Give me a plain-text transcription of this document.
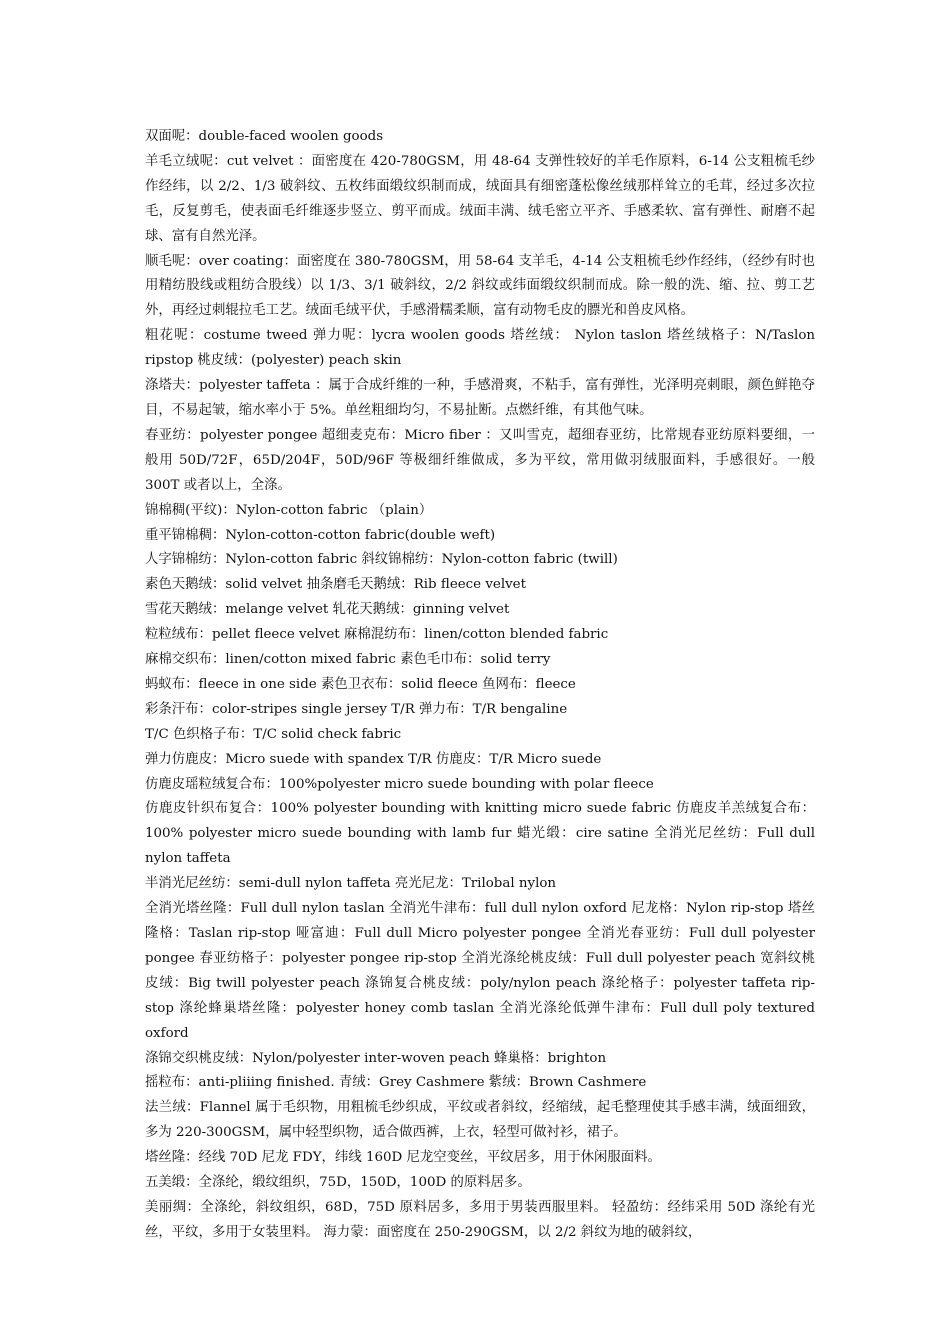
双面呢：double-faced woolen goods

羊毛立绒呢：cut velvet ：面密度在 420-780GSM，用 48-64 支弹性较好的羊毛作原料，6-14 公支粗梳毛纱作经纬，以 2/2、1/3 破斜纹、五枚纬面缎纹织制而成，绒面具有细密蓬松像丝绒那样耸立的毛茸，经过多次拉毛，反复剪毛，使表面毛纤维逐步竖立、剪平而成。绒面丰满、绒毛密立平齐、手感柔软、富有弹性、耐磨不起球、富有自然光泽。

顺毛呢：over coating：面密度在 380-780GSM，用 58-64 支羊毛，4-14 公支粗梳毛纱作经纬，（经纱有时也用精纺股线或粗纺合股线）以 1/3、3/1 破斜纹，2/2 斜纹或纬面缎纹织制而成。除一般的洗、缩、拉、剪工艺外，再经过刺辊拉毛工艺。绒面毛绒平伏，手感滑糯柔顺，富有动物毛皮的膘光和兽皮风格。

粗花呢：costume tweed 弹力呢：lycra woolen goods 塔丝绒： Nylon taslon 塔丝绒格子：N/Taslon ripstop 桃皮绒：(polyester) peach skin

涤塔夫：polyester taffeta ：属于合成纤维的一种，手感滑爽，不粘手，富有弹性，光泽明亮刺眼，颜色鲜艳夺目，不易起皱，缩水率小于 5%。单丝粗细均匀，不易扯断。点燃纤维，有其他气味。

春亚纺：polyester pongee 超细麦克布：Micro fiber ：又叫雪克，超细春亚纺，比常规春亚纺原料要细，一般用 50D/72F，65D/204F，50D/96F 等极细纤维做成，多为平纹，常用做羽绒服面料，手感很好。一般 300T 或者以上，全涤。

锦棉稠(平纹)：Nylon-cotton fabric （plain）

重平锦棉稠：Nylon-cotton-cotton fabric(double weft)

人字锦棉纺：Nylon-cotton fabric 斜纹锦棉纺：Nylon-cotton fabric (twill)

素色天鹅绒：solid velvet 抽条磨毛天鹅绒：Rib fleece velvet

雪花天鹅绒：melange velvet 轧花天鹅绒：ginning velvet

粒粒绒布：pellet fleece velvet 麻棉混纺布：linen/cotton blended fabric

麻棉交织布：linen/cotton mixed fabric 素色毛巾布：solid terry

蚂蚁布：fleece in one side 素色卫衣布：solid fleece 鱼网布：fleece

彩条汗布：color-stripes single jersey T/R 弹力布：T/R bengaline

T/C 色织格子布：T/C solid check fabric

弹力仿鹿皮：Micro suede with spandex T/R 仿鹿皮：T/R Micro suede

仿鹿皮瑶粒绒复合布：100%polyester micro suede bounding with polar fleece

仿鹿皮针织布复合：100% polyester bounding with knitting micro suede fabric 仿鹿皮羊羔绒复合布：100% polyester micro suede bounding with lamb fur 蜡光缎：cire satine 全消光尼丝纺：Full dull nylon taffeta

半消光尼丝纺：semi-dull nylon taffeta 亮光尼龙：Trilobal nylon

全消光塔丝隆：Full dull nylon taslan 全消光牛津布：full dull nylon oxford 尼龙格：Nylon rip-stop 塔丝隆格：Taslan rip-stop 哑富迪：Full dull Micro polyester pongee 全消光春亚纺：Full dull polyester pongee 春亚纺格子：polyester pongee rip-stop 全消光涤纶桃皮绒：Full dull polyester peach 宽斜纹桃皮绒：Big twill polyester peach 涤锦复合桃皮绒：poly/nylon peach 涤纶格子：polyester taffeta rip-stop 涤纶蜂巢塔丝隆：polyester honey comb taslan 全消光涤纶低弹牛津布：Full dull poly textured oxford

涤锦交织桃皮绒：Nylon/polyester inter-woven peach 蜂巢格：brighton

摇粒布：anti-pliiing finished. 青绒：Grey Cashmere 紫绒：Brown Cashmere

法兰绒：Flannel 属于毛织物，用粗梳毛纱织成，平纹或者斜纹，经缩绒，起毛整理使其手感丰满，绒面细致，多为 220-300GSM，属中轻型织物，适合做西裤，上衣，轻型可做衬衫，裙子。

塔丝隆：经线 70D 尼龙 FDY，纬线 160D 尼龙空变丝，平纹居多，用于休闲服面料。

五美缎：全涤纶，缎纹组织，75D，150D，100D 的原料居多。

美丽绸：全涤纶，斜纹组织，68D，75D 原料居多，多用于男装西服里料。 轻盈纺：经纬采用 50D 涤纶有光丝，平纹，多用于女装里料。 海力蒙：面密度在 250-290GSM，以 2/2 斜纹为地的破斜纹，
